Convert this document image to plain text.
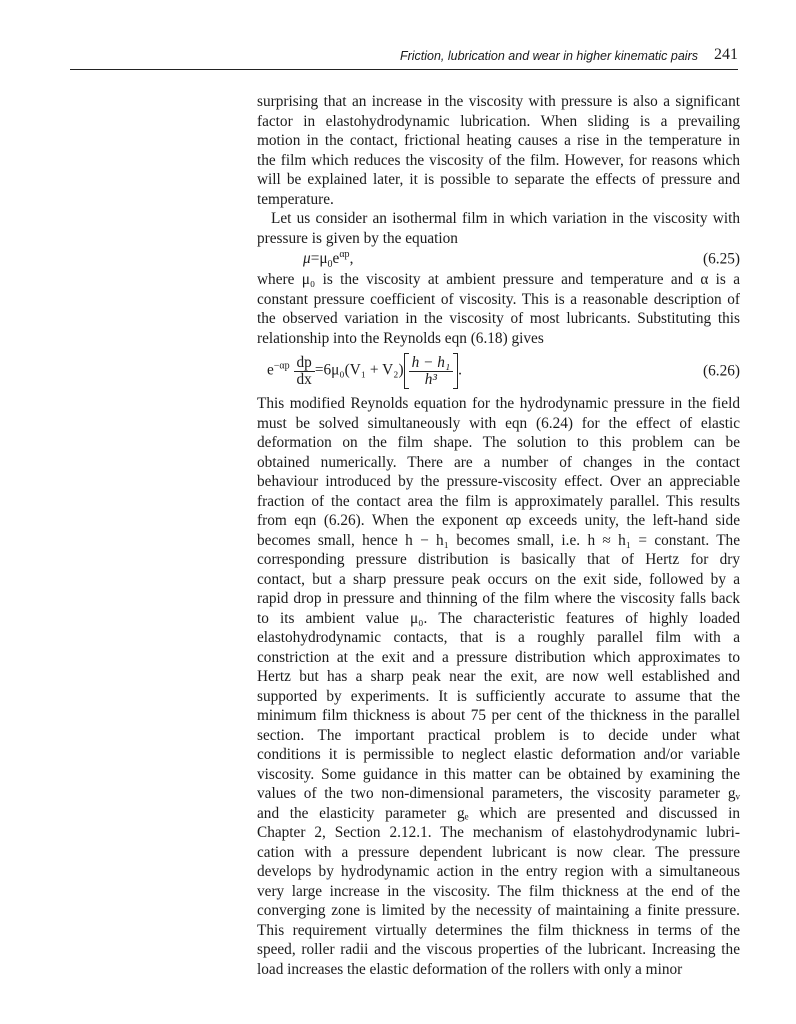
Friction, lubrication and wear in higher kinematic pairs 241
surprising that an increase in the viscosity with pressure is also a significant
factor in elastohydrodynamic lubrication. When sliding is a prevailing
motion in the contact, frictional heating causes a rise in the temperature in
the film which reduces the viscosity of the film. However, for reasons which
will be explained later, it is possible to separate the effects of pressure and
temperature.
Let us consider an isothermal film in which variation in the viscosity with
pressure is given by the equation
$\mu=\mu_0e^{\alpha p}$,	(6.25)
where μ₀ is the viscosity at ambient pressure and temperature and α is a
constant pressure coefficient of viscosity. This is a reasonable description of
the observed variation in the viscosity of most lubricants. Substituting this
relationship into the Reynolds eqn (6.18) gives
$e^{-\alpha p} \frac{dp}{dx} =6\mu_0(V_1 + V_2) \frac{\text{h − h₁}}{\text{h³}}$ .	(6.26)
This modified Reynolds equation for the hydrodynamic pressure in the field
must be solved simultaneously with eqn (6.24) for the effect of elastic
deformation on the film shape. The solution to this problem can be
obtained numerically. There are a number of changes in the contact
behaviour introduced by the pressure-viscosity effect. Over an appreciable
fraction of the contact area the film is approximately parallel. This results
from eqn (6.26). When the exponent αp exceeds unity, the left-hand side
becomes small, hence h − h₁ becomes small, i.e. h ≈ h₁ = constant. The
corresponding pressure distribution is basically that of Hertz for dry
contact, but a sharp pressure peak occurs on the exit side, followed by a
rapid drop in pressure and thinning of the film where the viscosity falls back
to its ambient value μ₀. The characteristic features of highly loaded
elastohydrodynamic contacts, that is a roughly parallel film with a
constriction at the exit and a pressure distribution which approximates to
Hertz but has a sharp peak near the exit, are now well established and
supported by experiments. It is sufficiently accurate to assume that the
minimum film thickness is about 75 per cent of the thickness in the parallel
section. The important practical problem is to decide under what
conditions it is permissible to neglect elastic deformation and/or variable
viscosity. Some guidance in this matter can be obtained by examining the
values of the two non-dimensional parameters, the viscosity parameter gᵥ
and the elasticity parameter gₑ which are presented and discussed in
Chapter 2, Section 2.12.1. The mechanism of elastohydrodynamic lubri-
cation with a pressure dependent lubricant is now clear. The pressure
develops by hydrodynamic action in the entry region with a simultaneous
very large increase in the viscosity. The film thickness at the end of the
converging zone is limited by the necessity of maintaining a finite pressure.
This requirement virtually determines the film thickness in terms of the
speed, roller radii and the viscous properties of the lubricant. Increasing the
load increases the elastic deformation of the rollers with only a minor
